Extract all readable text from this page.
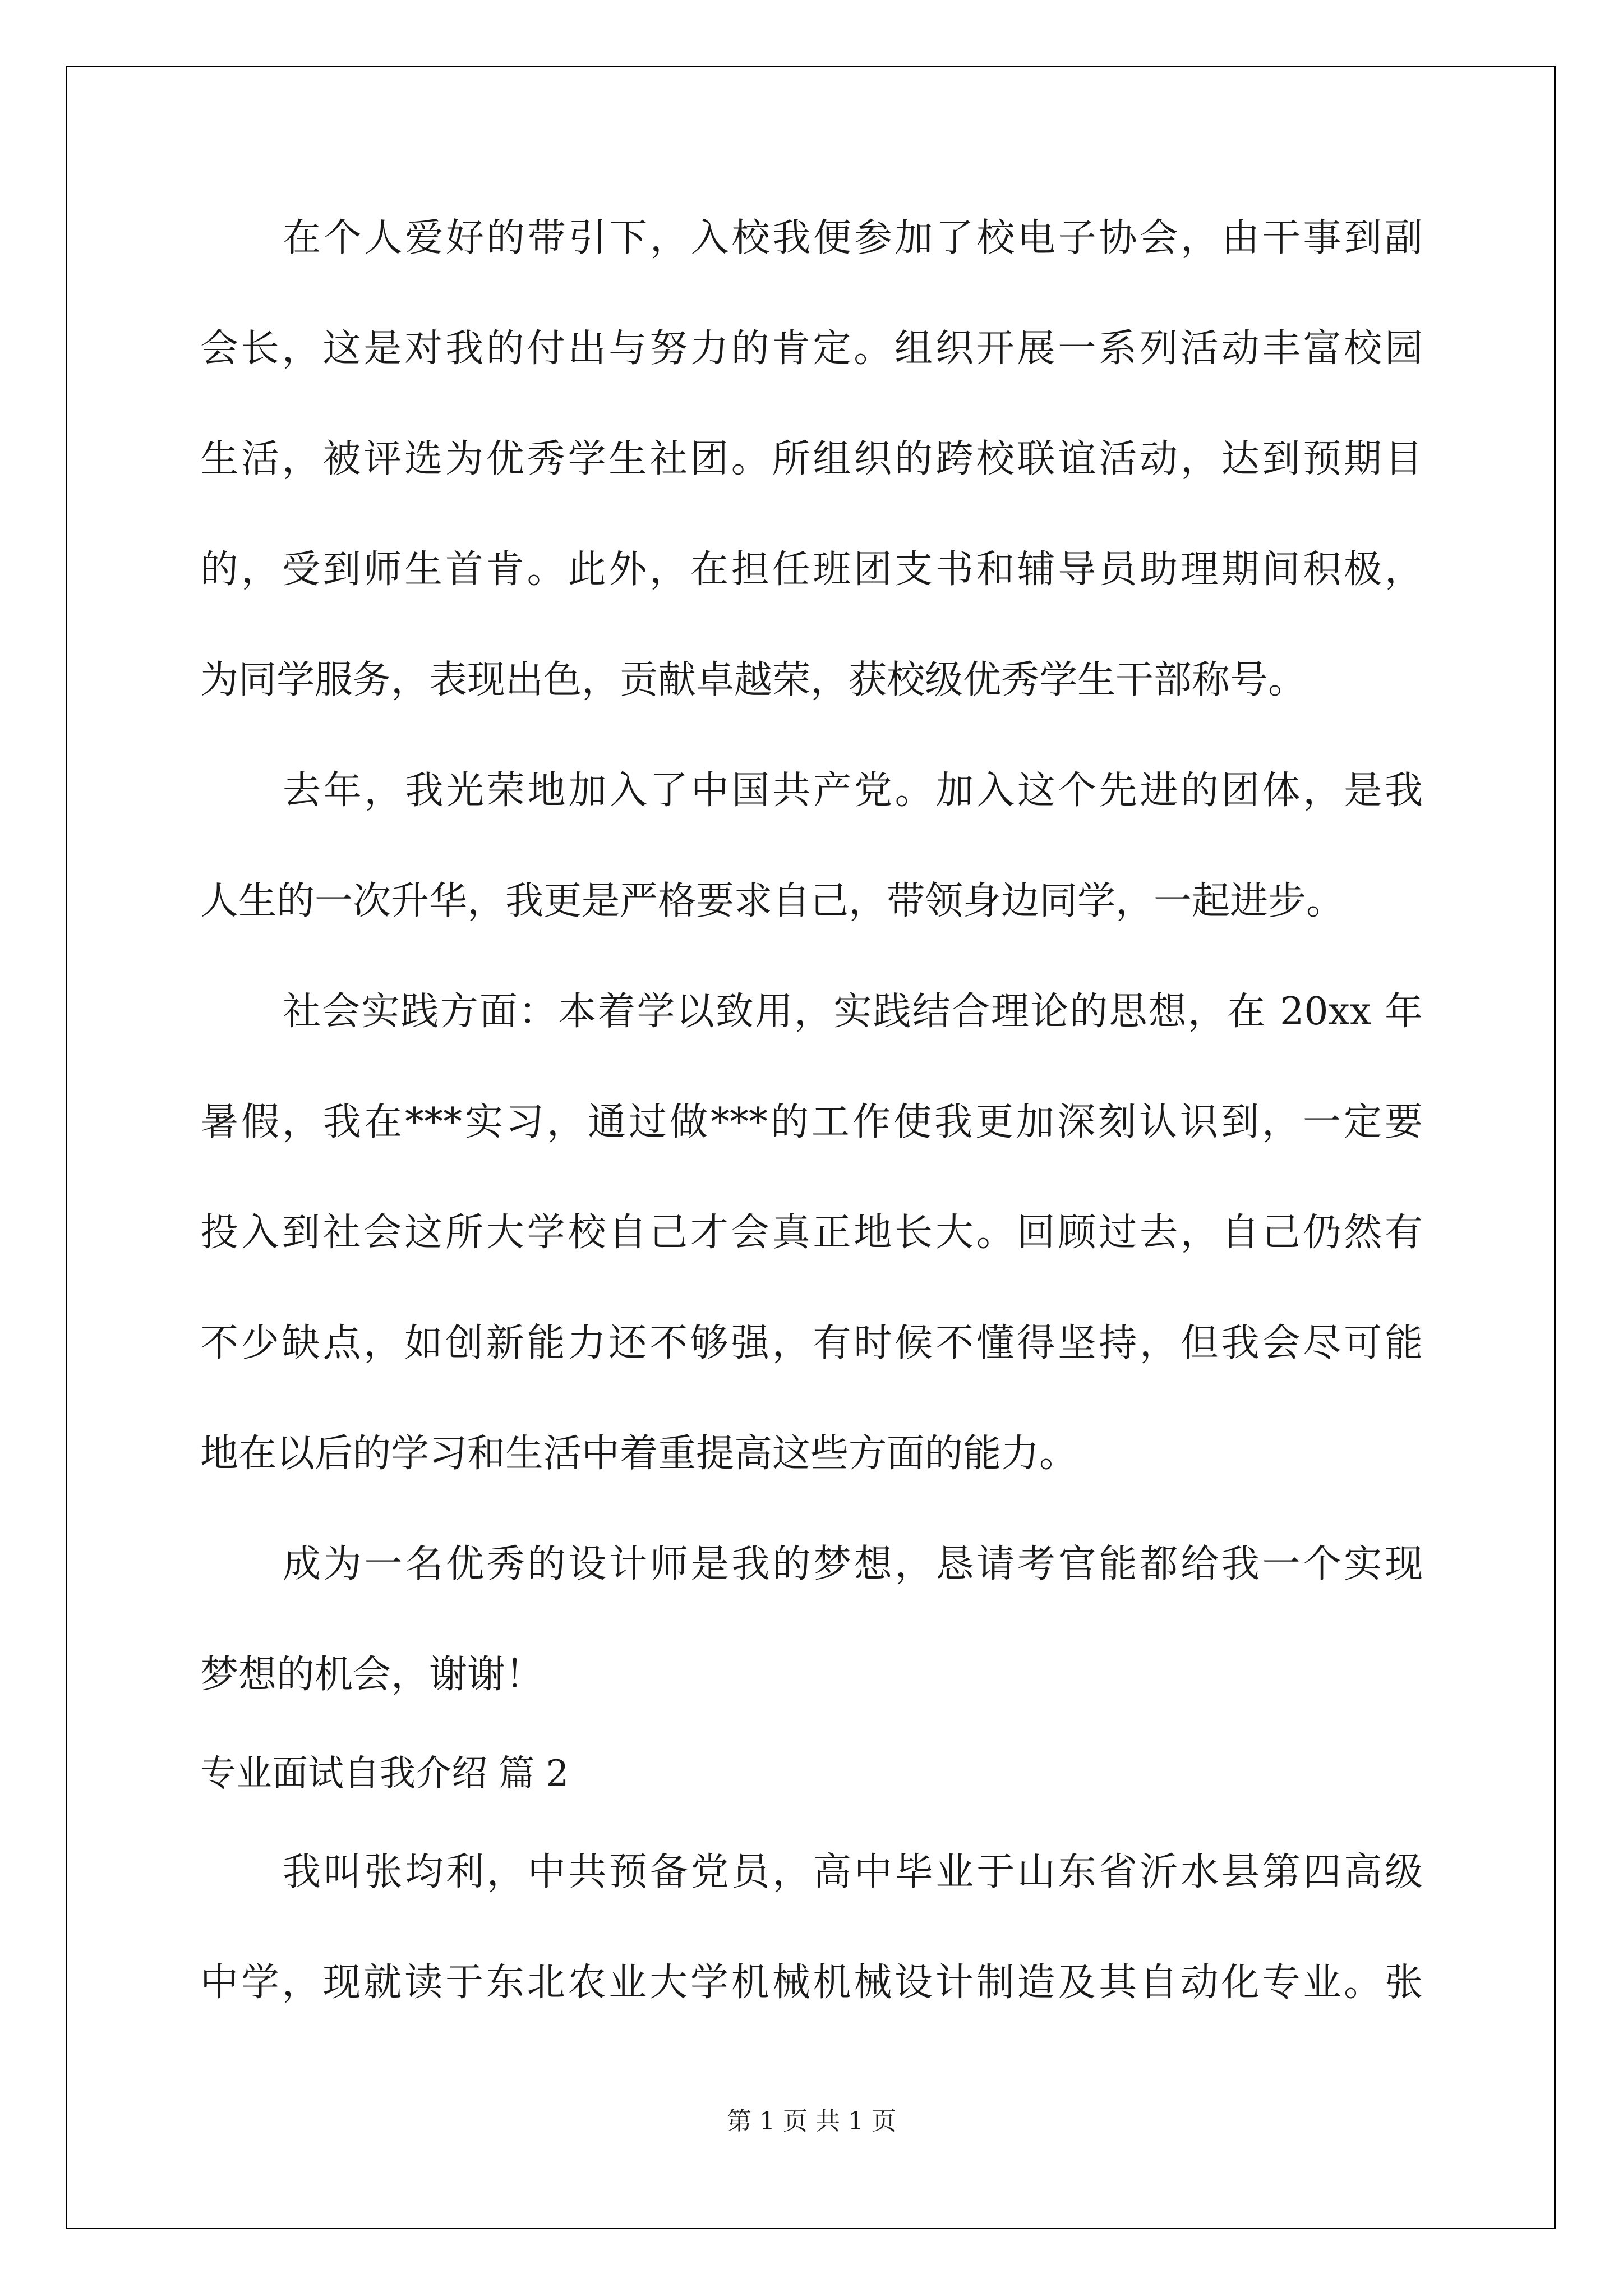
在个人爱好的带引下，入校我便参加了校电子协会，由干事到副
会长，这是对我的付出与努力的肯定。组织开展一系列活动丰富校园
生活，被评选为优秀学生社团。所组织的跨校联谊活动，达到预期目
的，受到师生首肯。此外，在担任班团支书和辅导员助理期间积极，
为同学服务，表现出色，贡献卓越荣，获校级优秀学生干部称号。
去年，我光荣地加入了中国共产党。加入这个先进的团体，是我
人生的一次升华，我更是严格要求自己，带领身边同学，一起进步。
社会实践方面：本着学以致用，实践结合理论的思想，在 20xx 年
暑假，我在***实习，通过做***的工作使我更加深刻认识到，一定要
投入到社会这所大学校自己才会真正地长大。回顾过去，自己仍然有
不少缺点，如创新能力还不够强，有时候不懂得坚持，但我会尽可能
地在以后的学习和生活中着重提高这些方面的能力。
成为一名优秀的设计师是我的梦想，恳请考官能都给我一个实现
梦想的机会，谢谢！
专业面试自我介绍 篇 2
我叫张均利，中共预备党员，高中毕业于山东省沂水县第四高级
中学，现就读于东北农业大学机械机械设计制造及其自动化专业。张
第 1 页 共 1 页
